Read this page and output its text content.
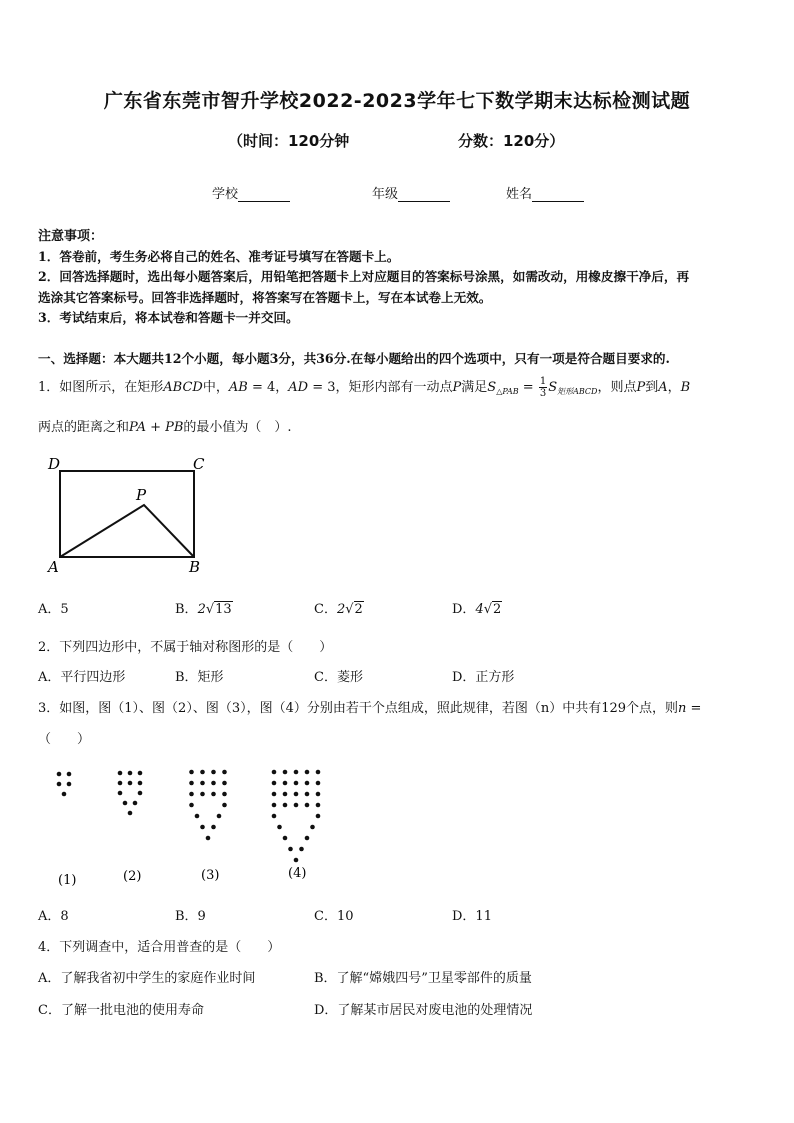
广东省东莞市智升学校2022-2023学年七下数学期末达标检测试题
（时间：120分钟	分数：120分）
学校	年级	姓名
注意事项：
1．答卷前，考生务必将自己的姓名、准考证号填写在答题卡上。
2．回答选择题时，选出每小题答案后，用铅笔把答题卡上对应题目的答案标号涂黑，如需改动，用橡皮擦干净后，再
选涂其它答案标号。回答非选择题时，将答案写在答题卡上，写在本试卷上无效。
3．考试结束后，将本试卷和答题卡一并交回。
一、选择题：本大题共12个小题，每小题3分，共36分.在每小题给出的四个选项中，只有一项是符合题目要求的.
1．如图所示，在矩形ABCD中，AB = 4，AD = 3，矩形内部有一动点P满足$S_{\triangle PAB} = \frac{1}{3} S_{矩形ABCD}$，则点P到A，B
两点的距离之和PA + PB的最小值为（　）.
D	C
P
A	B
A．5	B．2√13	C．2√2	D．4√2
2．下列四边形中，不属于轴对称图形的是（　　）
A．平行四边形	B．矩形	C．菱形	D．正方形
3．如图，图（1）、图（2）、图（3），图（4）分别由若干个点组成，照此规律，若图（n）中共有129个点，则n =
（　　）
(1)	(2)	(3)	(4)
A．8	B．9	C．10	D．11
4．下列调查中，适合用普查的是（　　）
A．了解我省初中学生的家庭作业时间	B．了解“嫦娥四号”卫星零部件的质量
C．了解一批电池的使用寿命	D．了解某市居民对废电池的处理情况
